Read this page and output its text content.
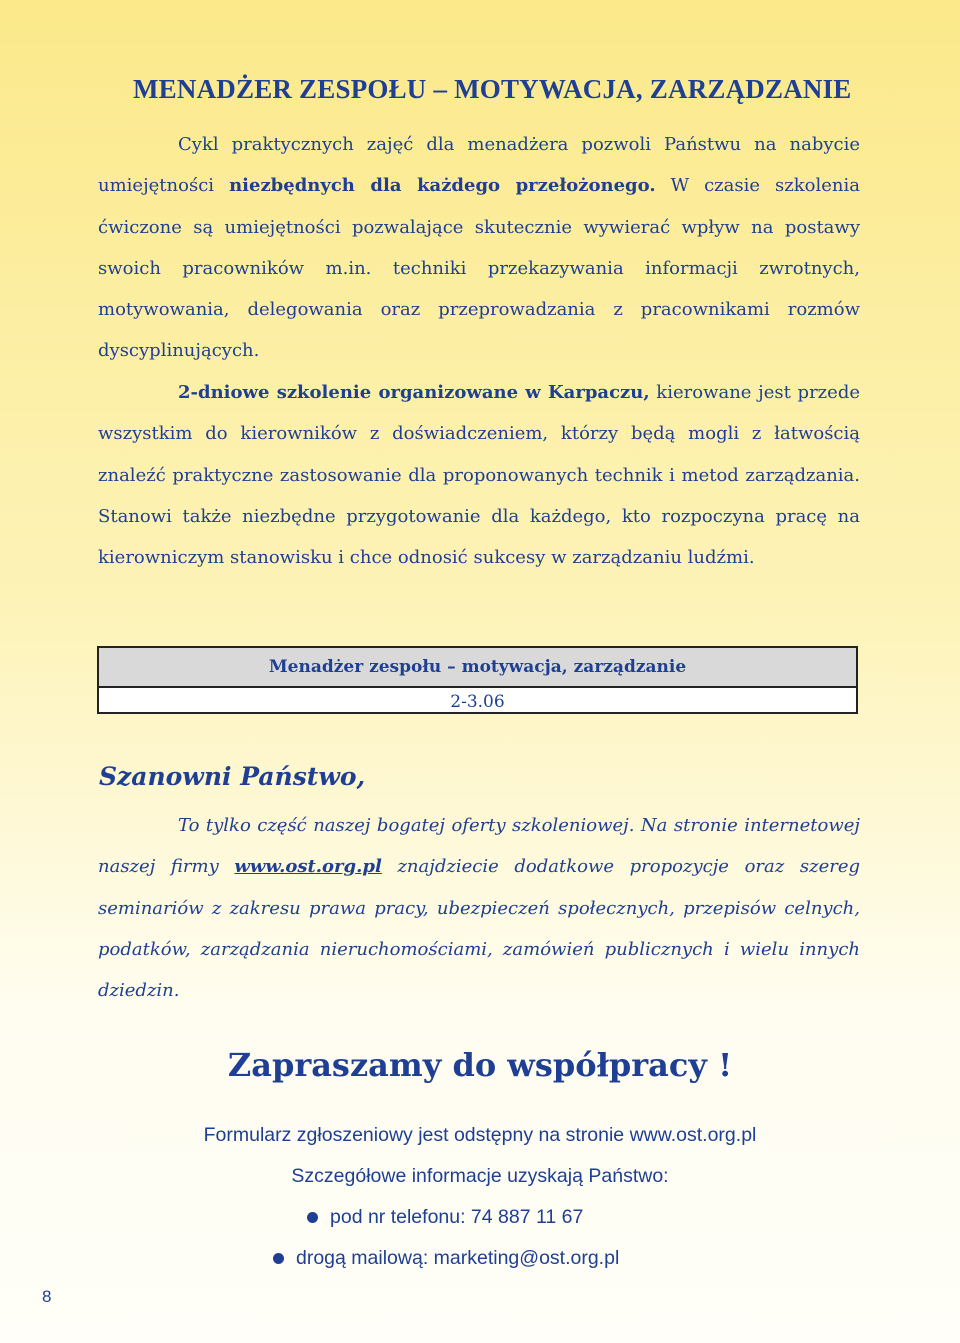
MENADŻER ZESPOŁU – MOTYWACJA, ZARZĄDZANIE

Cykl praktycznych zajęć dla menadżera pozwoli Państwu na nabycie umiejętności niezbędnych dla każdego przełożonego. W czasie szkolenia ćwiczone są umiejętności pozwalające skutecznie wywierać wpływ na postawy swoich pracowników m.in. techniki przekazywania informacji zwrotnych, motywowania, delegowania oraz przeprowadzania z pracownikami rozmów dyscyplinujących.

2-dniowe szkolenie organizowane w Karpaczu, kierowane jest przede wszystkim do kierowników z doświadczeniem, którzy będą mogli z łatwością znaleźć praktyczne zastosowanie dla proponowanych technik i metod zarządzania. Stanowi także niezbędne przygotowanie dla każdego, kto rozpoczyna pracę na kierowniczym stanowisku i chce odnosić sukcesy w zarządzaniu ludźmi.

Menadżer zespołu – motywacja, zarządzanie
2-3.06
Szanowni Państwo,

To tylko część naszej bogatej oferty szkoleniowej. Na stronie internetowej naszej firmy www.ost.org.pl znajdziecie dodatkowe propozycje oraz szereg seminariów z zakresu prawa pracy, ubezpieczeń społecznych, przepisów celnych, podatków, zarządzania nieruchomościami, zamówień publicznych i wielu innych dziedzin.

Zapraszamy do współpracy !

Formularz zgłoszeniowy jest odstępny na stronie www.ost.org.pl

Szczegółowe informacje uzyskają Państwo:

pod nr telefonu: 74 887 11 67

drogą mailową: marketing@ost.org.pl

8
